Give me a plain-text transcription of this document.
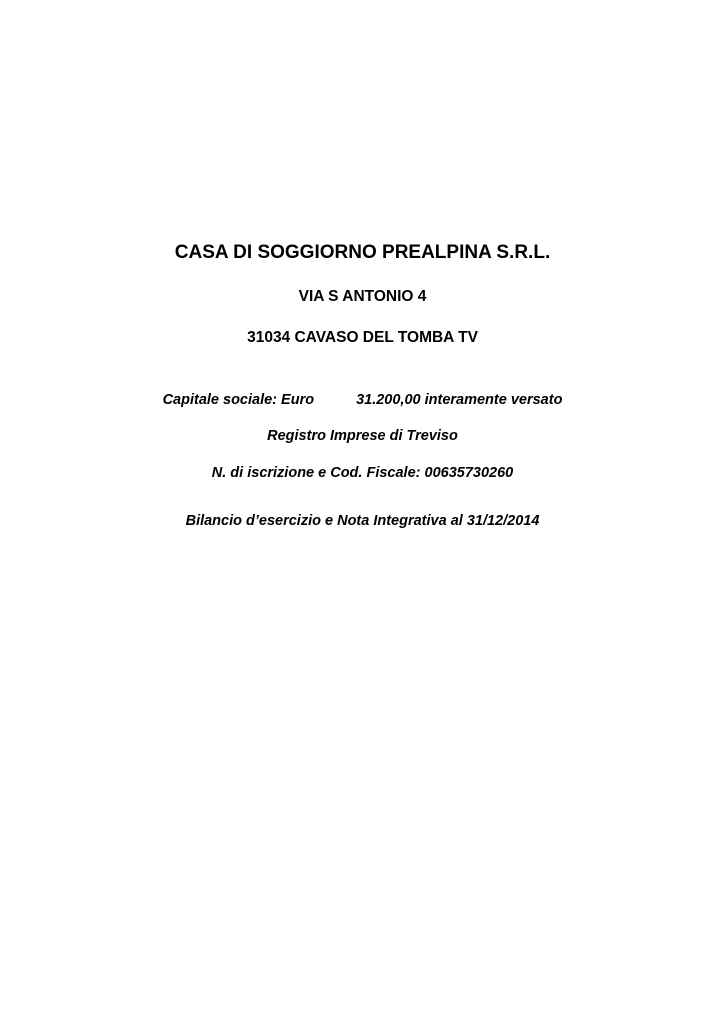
CASA DI SOGGIORNO PREALPINA S.R.L.
VIA S ANTONIO 4
31034 CAVASO DEL TOMBA TV
Capitale sociale: Euro	31.200,00 interamente versato
Registro Imprese di Treviso
N. di iscrizione e Cod. Fiscale: 00635730260
Bilancio d’esercizio e Nota Integrativa al 31/12/2014
